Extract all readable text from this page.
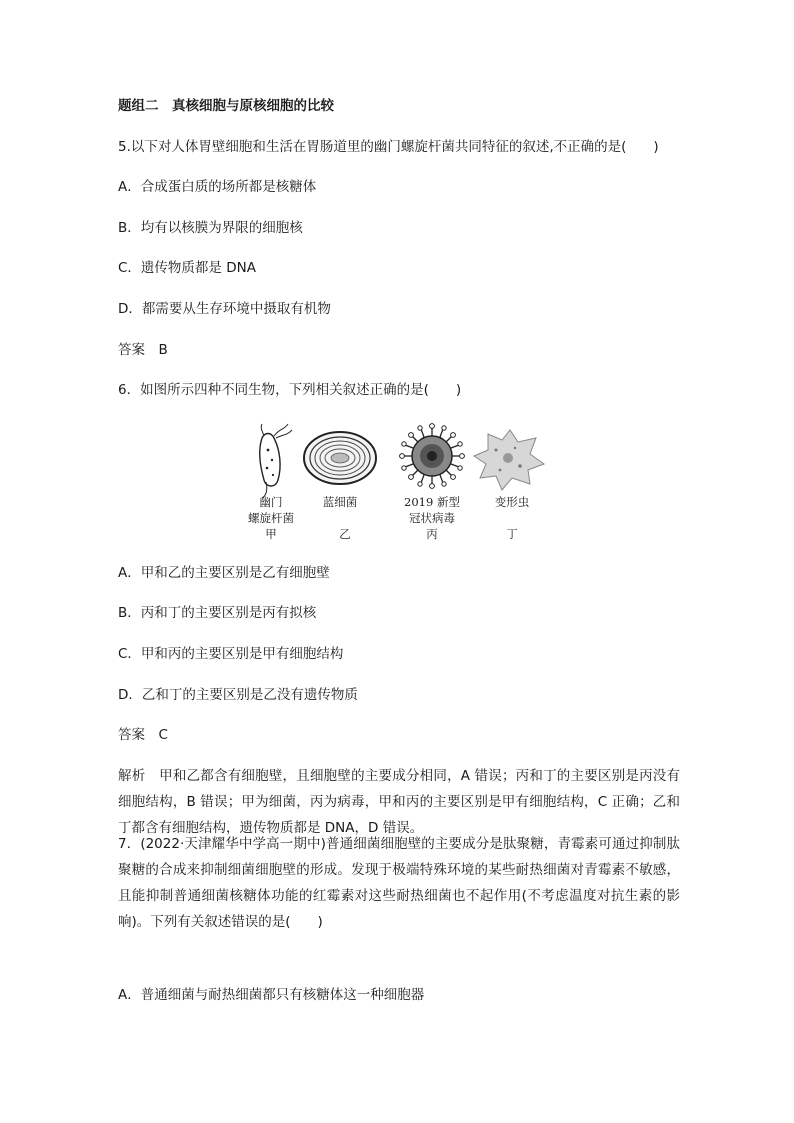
题组二　真核细胞与原核细胞的比较
5.以下对人体胃壁细胞和生活在胃肠道里的幽门螺旋杆菌共同特征的叙述,不正确的是(　　)
A．合成蛋白质的场所都是核糖体
B．均有以核膜为界限的细胞核
C．遗传物质都是 DNA
D．都需要从生存环境中摄取有机物
答案　B
6．如图所示四种不同生物，下列相关叙述正确的是(　　)
幽门
螺旋杆菌
甲
蓝细菌
乙
2019 新型
冠状病毒
丙
变形虫
丁
A．甲和乙的主要区别是乙有细胞壁
B．丙和丁的主要区别是丙有拟核
C．甲和丙的主要区别是甲有细胞结构
D．乙和丁的主要区别是乙没有遗传物质
答案　C
解析　甲和乙都含有细胞壁，且细胞壁的主要成分相同，A 错误；丙和丁的主要区别是丙没有细胞结构，B 错误；甲为细菌，丙为病毒，甲和丙的主要区别是甲有细胞结构，C 正确；乙和丁都含有细胞结构，遗传物质都是 DNA，D 错误。
7．(2022·天津耀华中学高一期中)普通细菌细胞壁的主要成分是肽聚糖，青霉素可通过抑制肽聚糖的合成来抑制细菌细胞壁的形成。发现于极端特殊环境的某些耐热细菌对青霉素不敏感，且能抑制普通细菌核糖体功能的红霉素对这些耐热细菌也不起作用(不考虑温度对抗生素的影响)。下列有关叙述错误的是(　　)
A．普通细菌与耐热细菌都只有核糖体这一种细胞器
